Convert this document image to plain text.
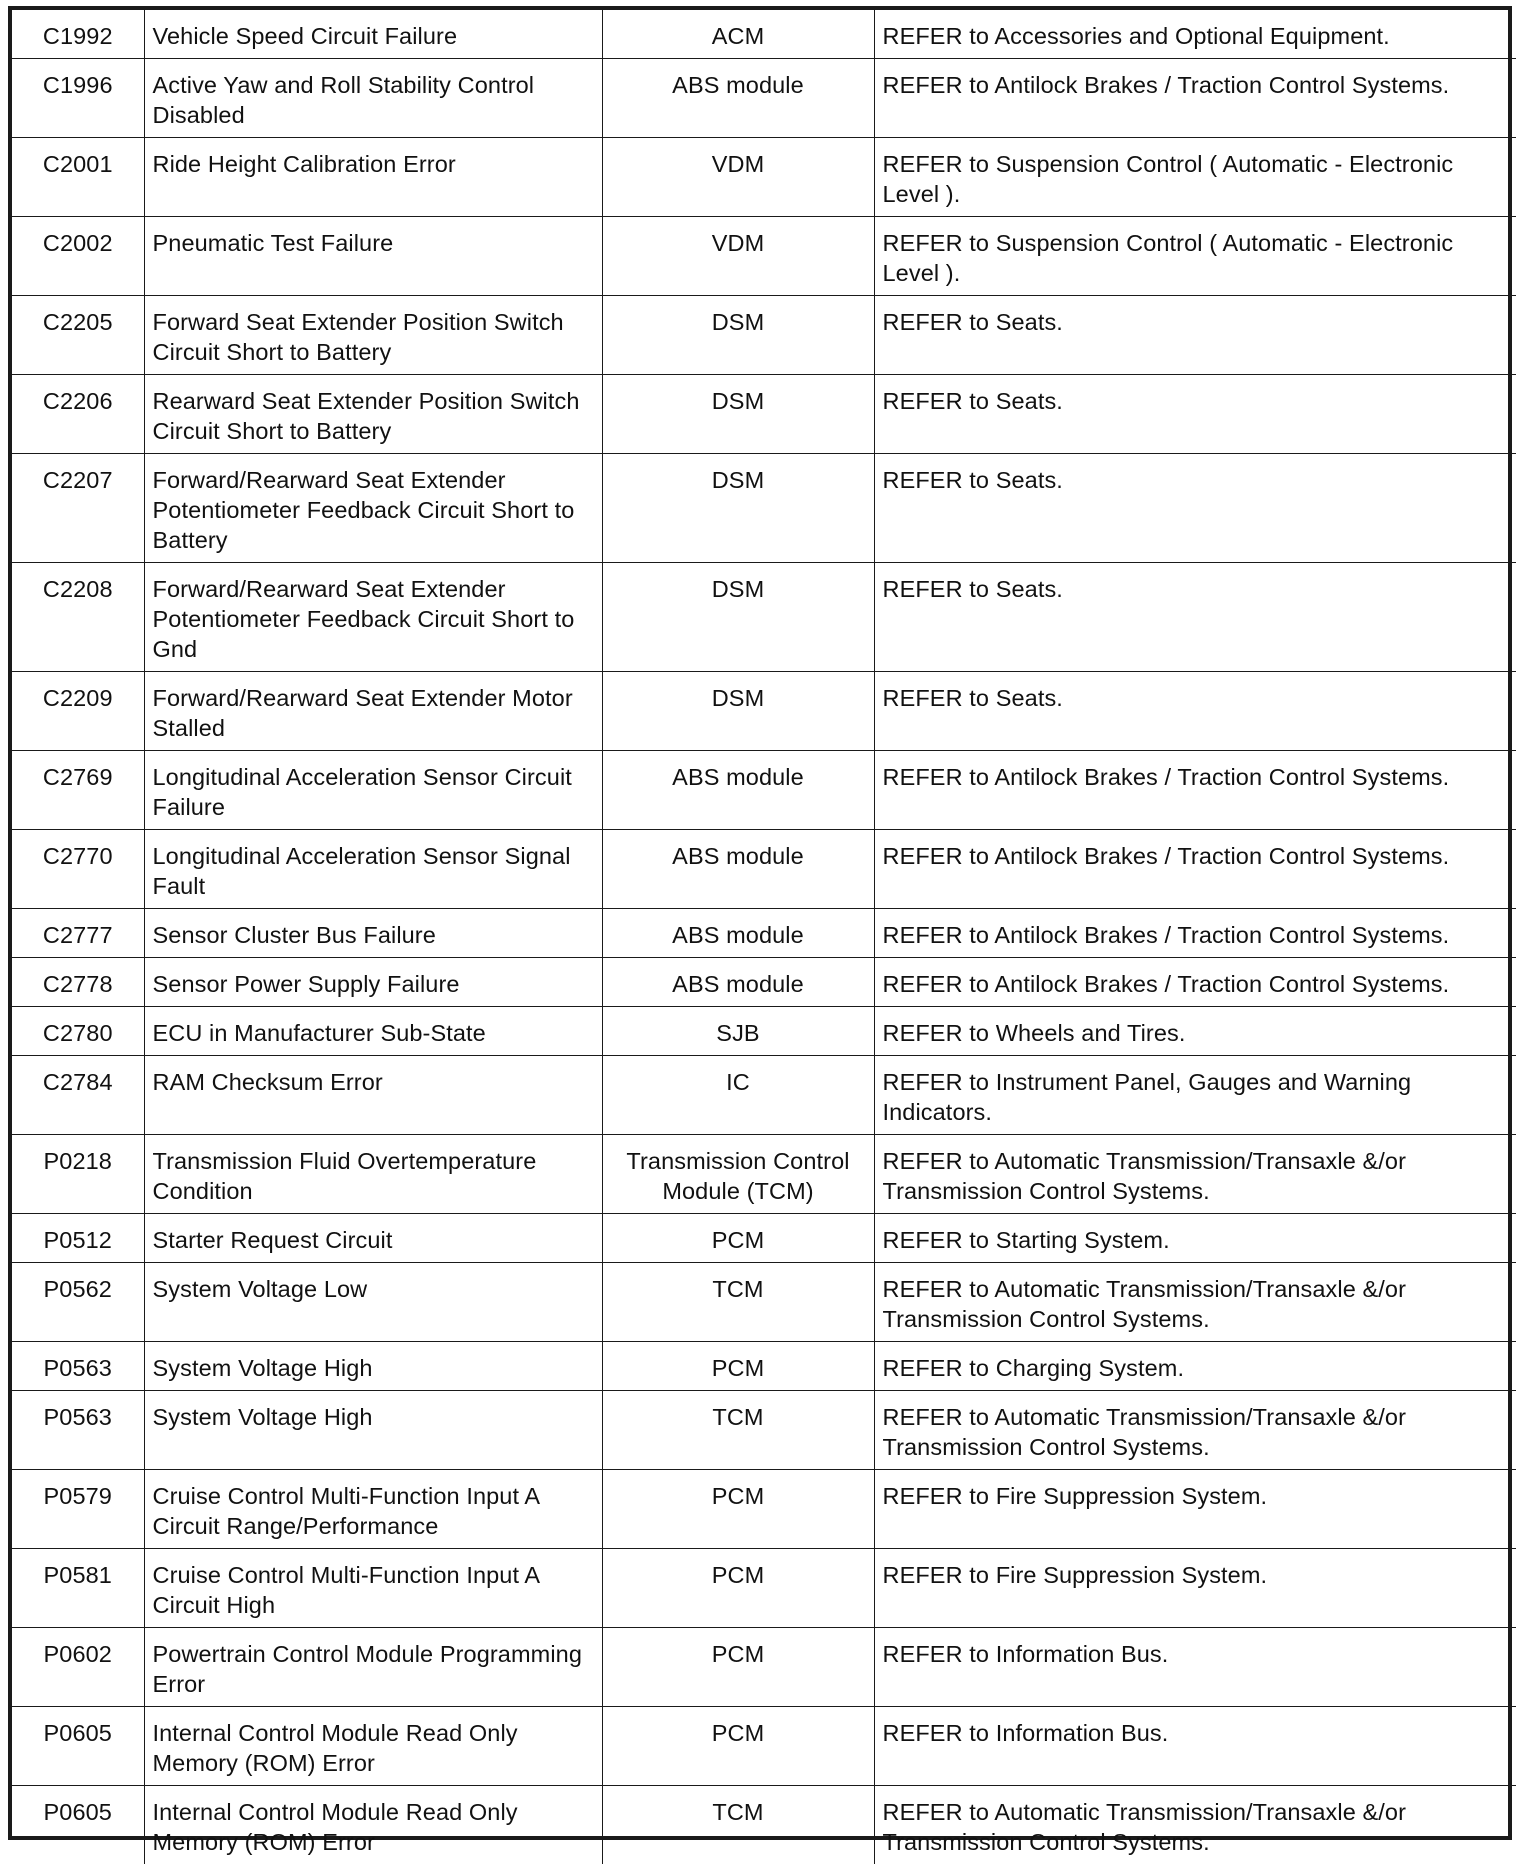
C1992	Vehicle Speed Circuit Failure	ACM	REFER to Accessories and Optional Equipment.
C1996	Active Yaw and Roll Stability Control Disabled	ABS module	REFER to Antilock Brakes / Traction Control Systems.
C2001	Ride Height Calibration Error	VDM	REFER to Suspension Control ( Automatic - Electronic Level ).
C2002	Pneumatic Test Failure	VDM	REFER to Suspension Control ( Automatic - Electronic Level ).
C2205	Forward Seat Extender Position Switch Circuit Short to Battery	DSM	REFER to Seats.
C2206	Rearward Seat Extender Position Switch Circuit Short to Battery	DSM	REFER to Seats.
C2207	Forward/Rearward Seat Extender Potentiometer Feedback Circuit Short to Battery	DSM	REFER to Seats.
C2208	Forward/Rearward Seat Extender Potentiometer Feedback Circuit Short to Gnd	DSM	REFER to Seats.
C2209	Forward/Rearward Seat Extender Motor Stalled	DSM	REFER to Seats.
C2769	Longitudinal Acceleration Sensor Circuit Failure	ABS module	REFER to Antilock Brakes / Traction Control Systems.
C2770	Longitudinal Acceleration Sensor Signal Fault	ABS module	REFER to Antilock Brakes / Traction Control Systems.
C2777	Sensor Cluster Bus Failure	ABS module	REFER to Antilock Brakes / Traction Control Systems.
C2778	Sensor Power Supply Failure	ABS module	REFER to Antilock Brakes / Traction Control Systems.
C2780	ECU in Manufacturer Sub-State	SJB	REFER to Wheels and Tires.
C2784	RAM Checksum Error	IC	REFER to Instrument Panel, Gauges and Warning Indicators.
P0218	Transmission Fluid Overtemperature Condition	Transmission Control Module (TCM)	REFER to Automatic Transmission/Transaxle &/or Transmission Control Systems.
P0512	Starter Request Circuit	PCM	REFER to Starting System.
P0562	System Voltage Low	TCM	REFER to Automatic Transmission/Transaxle &/or Transmission Control Systems.
P0563	System Voltage High	PCM	REFER to Charging System.
P0563	System Voltage High	TCM	REFER to Automatic Transmission/Transaxle &/or Transmission Control Systems.
P0579	Cruise Control Multi-Function Input A Circuit Range/Performance	PCM	REFER to Fire Suppression System.
P0581	Cruise Control Multi-Function Input A Circuit High	PCM	REFER to Fire Suppression System.
P0602	Powertrain Control Module Programming Error	PCM	REFER to Information Bus.
P0605	Internal Control Module Read Only Memory (ROM) Error	PCM	REFER to Information Bus.
P0605	Internal Control Module Read Only Memory (ROM) Error	TCM	REFER to Automatic Transmission/Transaxle &/or Transmission Control Systems.
